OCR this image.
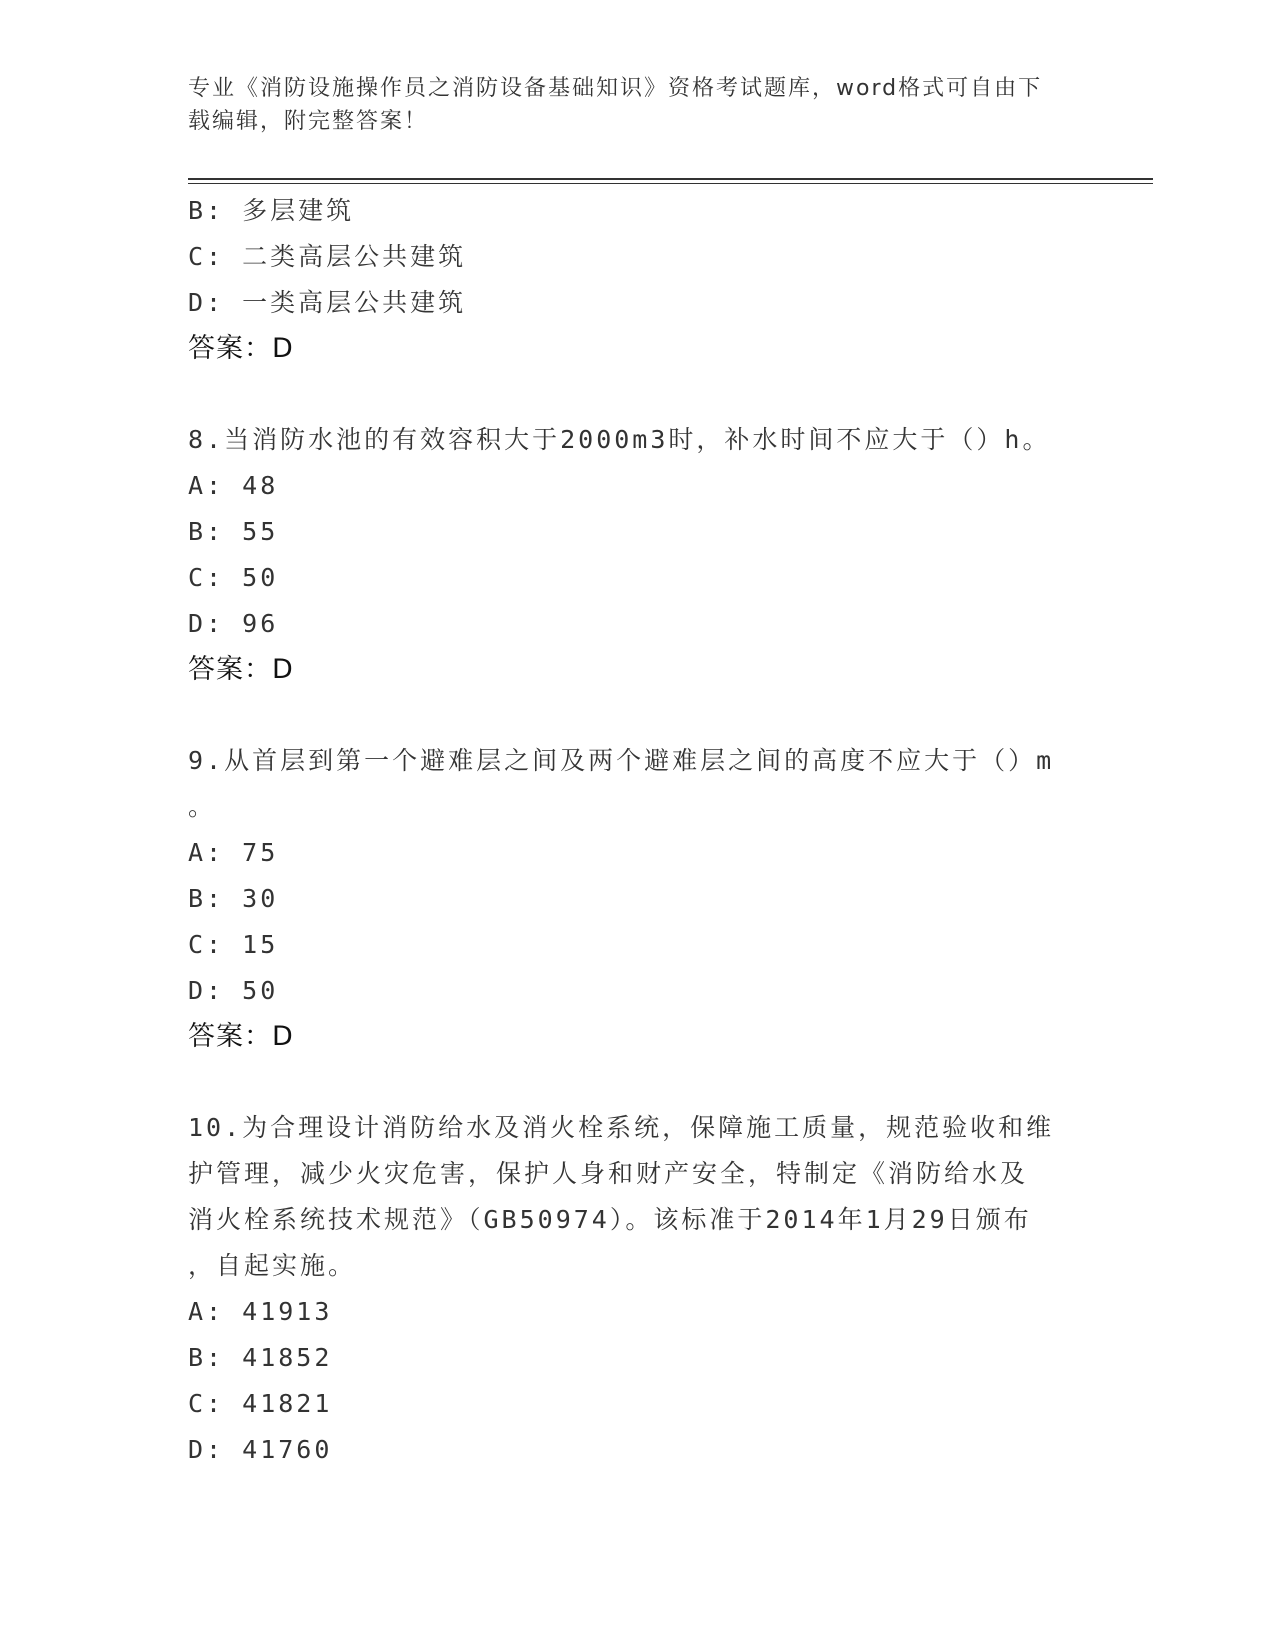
专业《消防设施操作员之消防设备基础知识》资格考试题库，word格式可自由下
载编辑，附完整答案！
B: 多层建筑
C: 二类高层公共建筑
D: 一类高层公共建筑
答案：D
8.当消防水池的有效容积大于2000m3时，补水时间不应大于（）h。
A: 48
B: 55
C: 50
D: 96
答案：D
9.从首层到第一个避难层之间及两个避难层之间的高度不应大于（）m
。
A: 75
B: 30
C: 15
D: 50
答案：D
10.为合理设计消防给水及消火栓系统，保障施工质量，规范验收和维
护管理，减少火灾危害，保护人身和财产安全，特制定《消防给水及
消火栓系统技术规范》（GB50974）。该标准于2014年1月29日颁布
，自起实施。
A: 41913
B: 41852
C: 41821
D: 41760
